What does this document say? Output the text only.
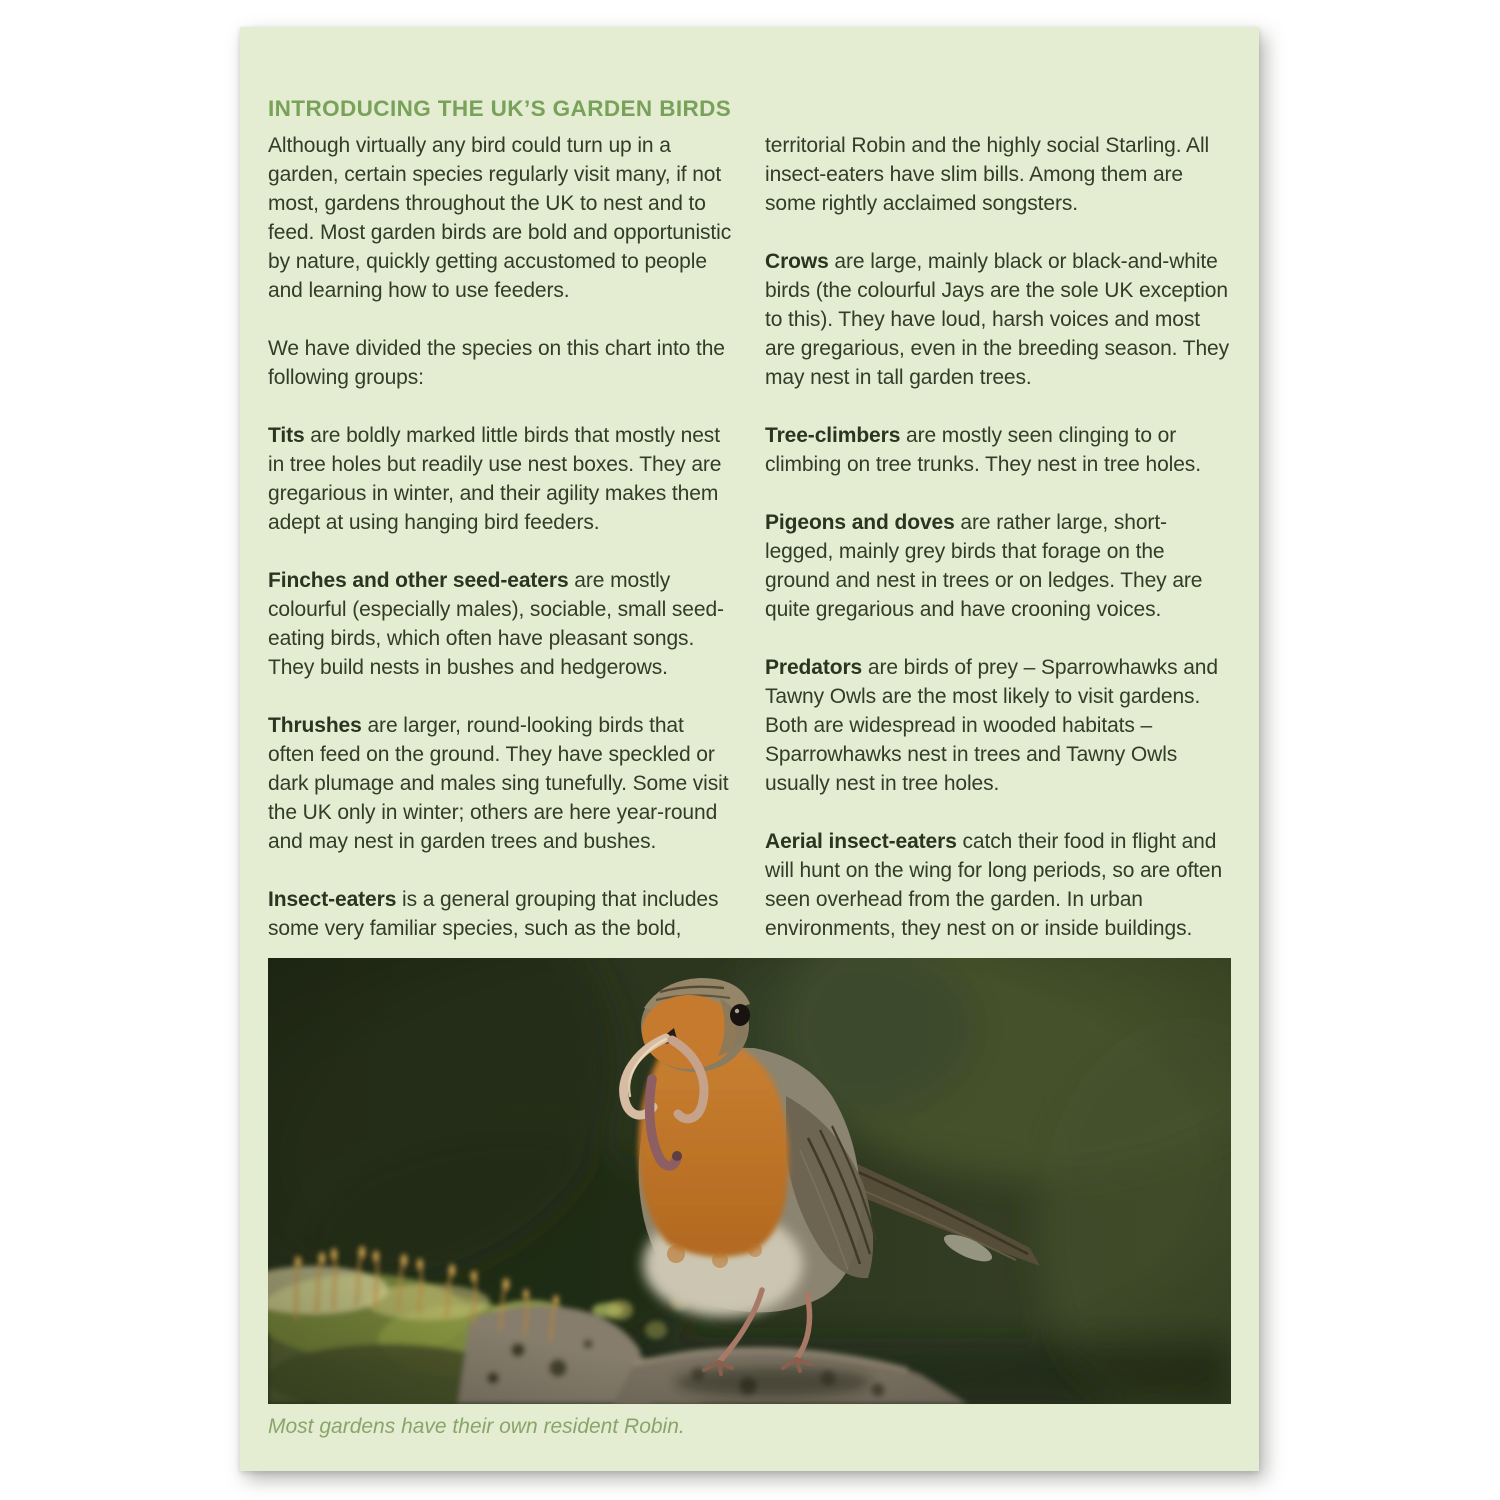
INTRODUCING THE UK’S GARDEN BIRDS

Although virtually any bird could turn up in a garden, certain species regularly visit many, if not most, gardens throughout the UK to nest and to feed. Most garden birds are bold and opportunistic by nature, quickly getting accustomed to people and learning how to use feeders.

We have divided the species on this chart into the following groups:

Tits are boldly marked little birds that mostly nest in tree holes but readily use nest boxes. They are gregarious in winter, and their agility makes them adept at using hanging bird feeders.

Finches and other seed-eaters are mostly colourful (especially males), sociable, small seed-eating birds, which often have pleasant songs. They build nests in bushes and hedgerows.

Thrushes are larger, round-looking birds that often feed on the ground. They have speckled or dark plumage and males sing tunefully. Some visit the UK only in winter; others are here year-round and may nest in garden trees and bushes.

Insect-eaters is a general grouping that includes some very familiar species, such as the bold,

territorial Robin and the highly social Starling. All insect-eaters have slim bills. Among them are some rightly acclaimed songsters.

Crows are large, mainly black or black-and-white birds (the colourful Jays are the sole UK exception to this). They have loud, harsh voices and most are gregarious, even in the breeding season. They may nest in tall garden trees.

Tree-climbers are mostly seen clinging to or climbing on tree trunks. They nest in tree holes.

Pigeons and doves are rather large, short-legged, mainly grey birds that forage on the ground and nest in trees or on ledges. They are quite gregarious and have crooning voices.

Predators are birds of prey – Sparrowhawks and Tawny Owls are the most likely to visit gardens. Both are widespread in wooded habitats – Sparrowhawks nest in trees and Tawny Owls usually nest in tree holes.

Aerial insect-eaters catch their food in flight and will hunt on the wing for long periods, so are often seen overhead from the garden. In urban environments, they nest on or inside buildings.

Most gardens have their own resident Robin.
